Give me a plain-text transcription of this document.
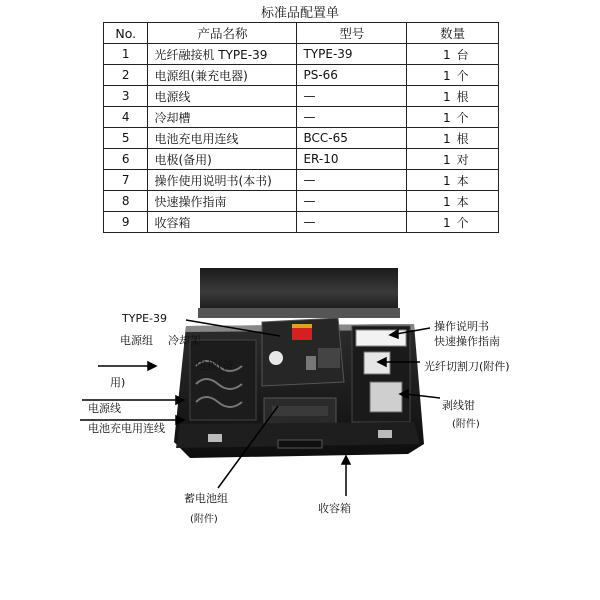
标准品配置单
No.	产品名称	型号	数量
1	光纤融接机 TYPE-39	TYPE-39	1 台
2	电源组(兼充电器)	PS-66	1 个
3	电源线	—	1 根
4	冷却槽	—	1 个
5	电池充电用连线	BCC-65	1 根
6	电极(备用)	ER-10	1 对
7	操作使用说明书(本书)	—	1 本
8	快速操作指南	—	1 本
9	收容箱	—	1 个
TYPE-39
电源组 冷却架
电极(备
用)
电源线
电池充电用连线
操作说明书
快速操作指南
光纤切割刀(附件)
剥线钳
(附件)
蓄电池组
(附件)
收容箱
